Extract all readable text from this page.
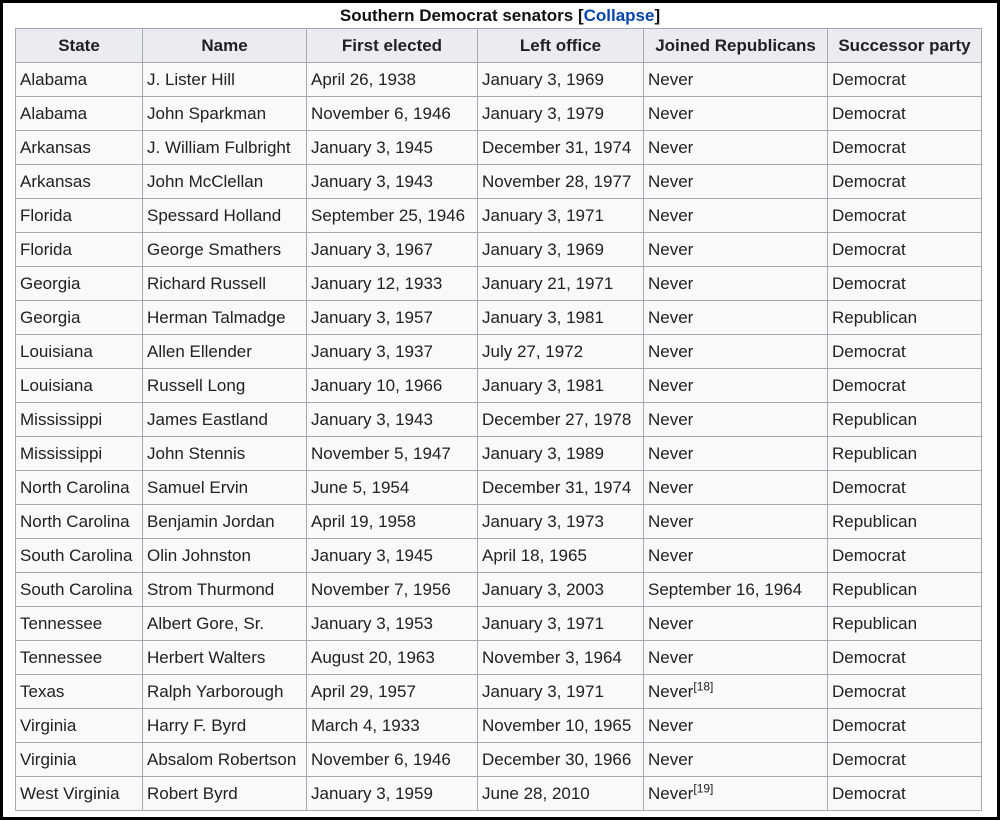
Southern Democrat senators [Collapse]
State	Name	First elected	Left office	Joined Republicans	Successor party
Alabama	J. Lister Hill	April 26, 1938	January 3, 1969	Never	Democrat
Alabama	John Sparkman	November 6, 1946	January 3, 1979	Never	Democrat
Arkansas	J. William Fulbright	January 3, 1945	December 31, 1974	Never	Democrat
Arkansas	John McClellan	January 3, 1943	November 28, 1977	Never	Democrat
Florida	Spessard Holland	September 25, 1946	January 3, 1971	Never	Democrat
Florida	George Smathers	January 3, 1967	January 3, 1969	Never	Democrat
Georgia	Richard Russell	January 12, 1933	January 21, 1971	Never	Democrat
Georgia	Herman Talmadge	January 3, 1957	January 3, 1981	Never	Republican
Louisiana	Allen Ellender	January 3, 1937	July 27, 1972	Never	Democrat
Louisiana	Russell Long	January 10, 1966	January 3, 1981	Never	Democrat
Mississippi	James Eastland	January 3, 1943	December 27, 1978	Never	Republican
Mississippi	John Stennis	November 5, 1947	January 3, 1989	Never	Republican
North Carolina	Samuel Ervin	June 5, 1954	December 31, 1974	Never	Democrat
North Carolina	Benjamin Jordan	April 19, 1958	January 3, 1973	Never	Republican
South Carolina	Olin Johnston	January 3, 1945	April 18, 1965	Never	Democrat
South Carolina	Strom Thurmond	November 7, 1956	January 3, 2003	September 16, 1964	Republican
Tennessee	Albert Gore, Sr.	January 3, 1953	January 3, 1971	Never	Republican
Tennessee	Herbert Walters	August 20, 1963	November 3, 1964	Never	Democrat
Texas	Ralph Yarborough	April 29, 1957	January 3, 1971	Never[18]	Democrat
Virginia	Harry F. Byrd	March 4, 1933	November 10, 1965	Never	Democrat
Virginia	Absalom Robertson	November 6, 1946	December 30, 1966	Never	Democrat
West Virginia	Robert Byrd	January 3, 1959	June 28, 2010	Never[19]	Democrat
